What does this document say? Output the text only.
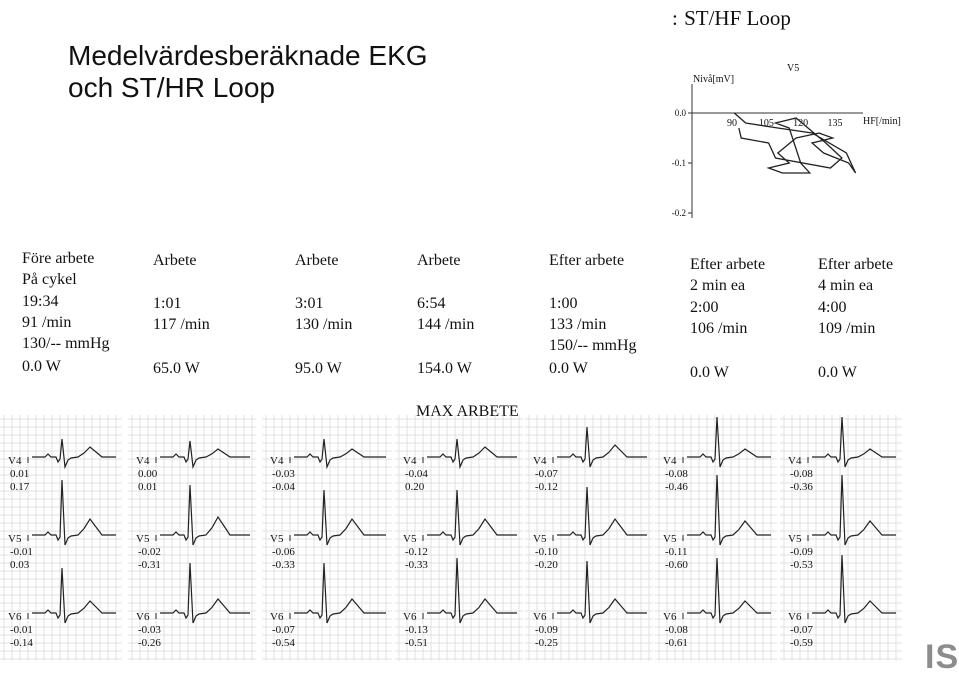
Medelvärdesberäknade EKG
och ST/HR Loop
: ST/HF Loop
V5
Nivå[mV]
HF[/min]
90 105 120 135
0.0
-0.1
-0.2
Före arbete
På cykel
19:34
91 /min
130/-- mmHg
0.0 W
Arbete
1:01
117 /min
65.0 W
Arbete
3:01
130 /min
95.0 W
Arbete
6:54
144 /min
154.0 W
Efter arbete
1:00
133 /min
150/-- mmHg
0.0 W
Efter arbete
2 min ea
2:00
106 /min
0.0 W
Efter arbete
4 min ea
4:00
109 /min
0.0 W
MAX ARBETE
V4
0.01
0.17
V5
-0.01
0.03
V6
-0.01
-0.14
V4
0.00
0.01
V5
-0.02
-0.31
V6
-0.03
-0.26
V4
-0.03
-0.04
V5
-0.06
-0.33
V6
-0.07
-0.54
V4
-0.04
0.20
V5
-0.12
-0.33
V6
-0.13
-0.51
V4
-0.07
-0.12
V5
-0.10
-0.20
V6
-0.09
-0.25
V4
-0.08
-0.46
V5
-0.11
-0.60
V6
-0.08
-0.61
V4
-0.08
-0.36
V5
-0.09
-0.53
V6
-0.07
-0.59	IS
